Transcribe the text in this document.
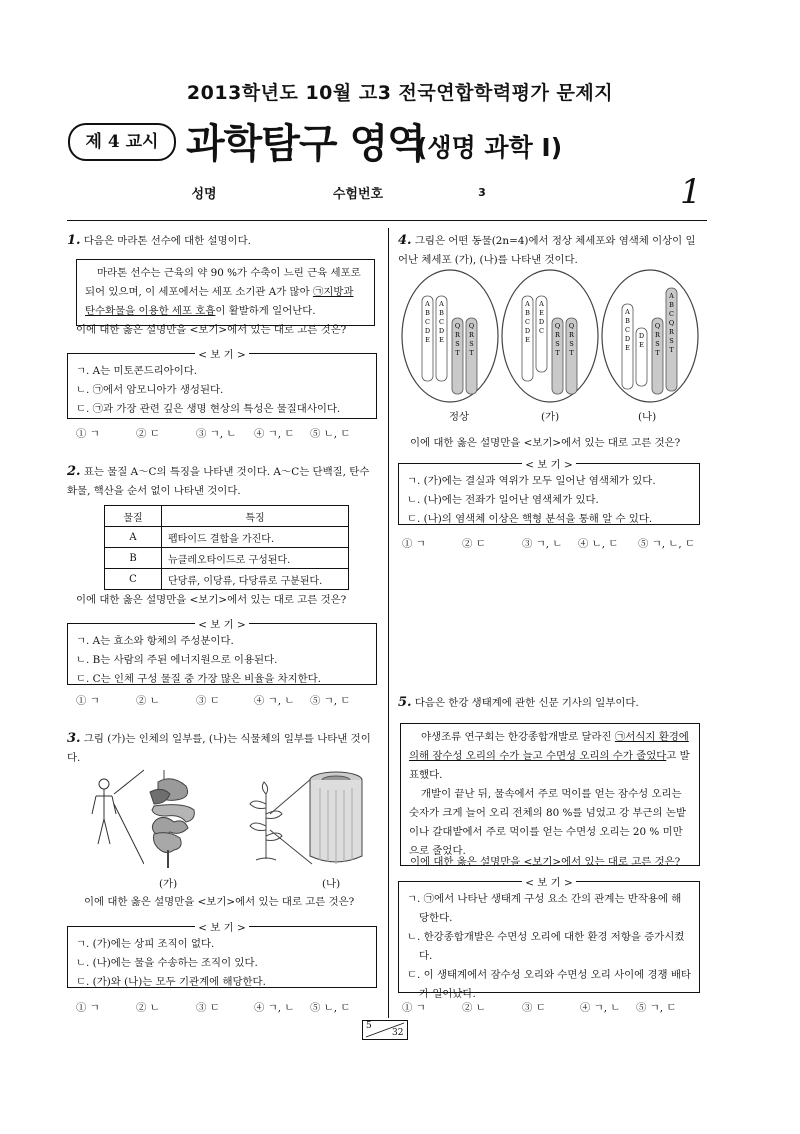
2013학년도 10월 고3 전국연합학력평가 문제지
제 4 교시 과학탐구 영역
(생명 과학 Ⅰ)
성명		수험번호						3					1
1. 다음은 마라톤 선수에 대한 설명이다.
마라톤 선수는 근육의 약 90 %가 수축이 느린 근육 세포로 되어 있으며, 이 세포에서는 세포 소기관 A가 많아 ㉠지방과 탄수화물을 이용한 세포 호흡이 활발하게 일어난다.
이에 대한 옳은 설명만을 <보기>에서 있는 대로 고른 것은?
< 보 기 >
ㄱ. A는 미토콘드리아이다.
ㄴ. ㉠에서 암모니아가 생성된다.
ㄷ. ㉠과 가장 관련 깊은 생명 현상의 특성은 물질대사이다.
① ㄱ	② ㄷ	③ ㄱ, ㄴ ④ ㄱ, ㄷ ⑤ ㄴ, ㄷ
2. 표는 물질 A～C의 특징을 나타낸 것이다. A～C는 단백질, 탄수화물, 핵산을 순서 없이 나타낸 것이다.
물질	특징
A	펩타이드 결합을 가진다.
B	뉴클레오타이드로 구성된다.
C	단당류, 이당류, 다당류로 구분된다.
이에 대한 옳은 설명만을 <보기>에서 있는 대로 고른 것은?
< 보 기 >
ㄱ. A는 효소와 항체의 주성분이다.
ㄴ. B는 사람의 주된 에너지원으로 이용된다.
ㄷ. C는 인체 구성 물질 중 가장 많은 비율을 차지한다.
① ㄱ	② ㄴ	③ ㄷ	④ ㄱ, ㄴ ⑤ ㄱ, ㄷ
3. 그림 (가)는 인체의 일부를, (나)는 식물체의 일부를 나타낸 것이다.
(가)	(나)
이에 대한 옳은 설명만을 <보기>에서 있는 대로 고른 것은?
< 보 기 >
ㄱ. (가)에는 상피 조직이 없다.
ㄴ. (나)에는 물을 수송하는 조직이 있다.
ㄷ. (가)와 (나)는 모두 기관계에 해당한다.
① ㄱ	② ㄴ	③ ㄷ	④ ㄱ, ㄴ ⑤ ㄴ, ㄷ
4. 그림은 어떤 동물(2n=4)에서 정상 체세포와 염색체 이상이 일어난 체세포 (가), (나)를 나타낸 것이다.
A
B
C
D
E
A
B
C
D
E
Q
R
S
T
Q
R
S
T
A
B
C
D
E
A
E
D
C
Q
R
S
T
Q
R
S
T
A
B
C
D
E
D
E
Q
R
S
T
A
B
C
Q
R
S
T
정상	(가)	(나)
이에 대한 옳은 설명만을 <보기>에서 있는 대로 고른 것은?
< 보 기 >
ㄱ. (가)에는 결실과 역위가 모두 일어난 염색체가 있다.
ㄴ. (나)에는 전좌가 일어난 염색체가 있다.
ㄷ. (나)의 염색체 이상은 핵형 분석을 통해 알 수 있다.
① ㄱ	② ㄷ	③ ㄱ, ㄴ ④ ㄴ, ㄷ ⑤ ㄱ, ㄴ, ㄷ
5. 다음은 한강 생태계에 관한 신문 기사의 일부이다.
야생조류 연구회는 한강종합개발로 달라진 ㉠서식지 환경에 의해 잠수성 오리의 수가 늘고 수면성 오리의 수가 줄었다고 발표했다.
개발이 끝난 뒤, 물속에서 주로 먹이를 얻는 잠수성 오리는 숫자가 크게 늘어 오리 전체의 80 %를 넘었고 강 부근의 논밭이나 갈대밭에서 주로 먹이를 얻는 수면성 오리는 20 % 미만으로 줄었다.
이에 대한 옳은 설명만을 <보기>에서 있는 대로 고른 것은?
< 보 기 >
ㄱ. ㉠에서 나타난 생태계 구성 요소 간의 관계는 반작용에 해당한다.
ㄴ. 한강종합개발은 수면성 오리에 대한 환경 저항을 증가시켰다.
ㄷ. 이 생태계에서 잠수성 오리와 수면성 오리 사이에 경쟁 배타가 일어났다.
① ㄱ	② ㄴ	③ ㄷ	④ ㄱ, ㄴ ⑤ ㄱ, ㄷ
5
32
